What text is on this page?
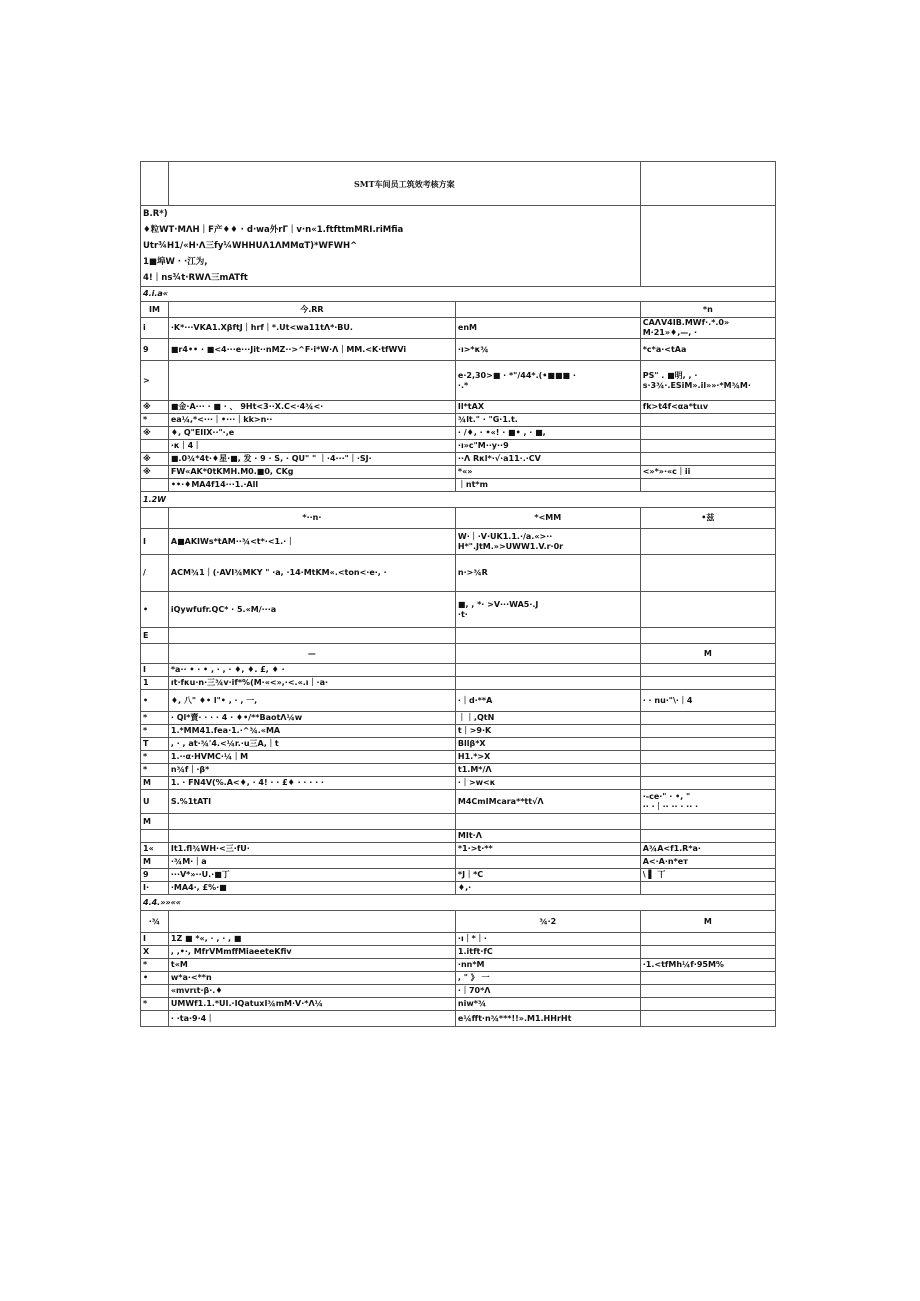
	SMT车间员工筑效考核方案		

B.R*)
♦粒WT·MΛH｜F产♦♦ · d·wa外rГ｜v·n«1.ftfttmMRI.riMfia
Utr¾H1/«H·Λ三fy¼WHHUΛ1ΛMMαT)*WFWH^
1■埠W · ·江为,
4!｜ns¾t·RWΛ三mATft			

4.i.a«			
IM	今.RR		*n
i	·K*···VKA1.XβftJ｜hrf｜*.Ut<wa11tΛ*·BU.	enM	CAΛV4IB.MWf·.*.0»
M·21»♦,—, ·
9	■r4•• · ■<4···e···Jit··nMZ··>^F·i*W·Λ｜MM.<K·tfWVi	·ı>*κ¾	*c*a·<tAa
>		e·2,30>■ · *"/44*.(•■■■ ·
·.*	PS" . ■明, , ·
s·3¾·.ESiM».il»»·*M¾M·
※	■金·A··· · ■ · 、 9Ht<3··X.C<·4¾<·	Il*tAX	fk>t4f<αa*tιιv
*	ea¼,*<···｜•···｜kk>n··	¾lt." · "G·1.t.	
※	♦, Q"EIIX··"·,e	· /♦, · •«! · ■• , · ■,	
	·κ｜4｜	·ı»c"M··y··9	
※	■.0¾*4t·♦星·■, 发 · 9 · S, · QU" " ｜·4···"｜·SJ·	··Λ Rκl*·√·a11·.·CV	
※	FW«AK*0tKMH.M0.■0, CKg	*«»	<»*»·«c｜ii
	••·♦MA4f14···1.·All	｜nt*m	
1.2W			
	*··n·	*<MM	•兹
I	A■AKIWs*tAM··¾<t*·<1.·｜	W·｜·V·UK1.1.·/a.«>··
H*".JtM.»>UWW1.V.r·0r	
/	ACM¾1｜(·AVI¾MKY " ·a, ·14·MtKM«.<ton<·e·, ·	n·>¾R	
•	iQywfufr.QC* · 5.«M/···a	■, , *· >V···WA5·.J
·t·	
E			
	—		M
I	*a·· • · • , · , · ♦, ♦. £, ♦ ·		
1	ıt·fκu·n·三¾v·if*%(M·«<»,·<.«.ı｜·a·		
•	♦, 八" ♦• l"• , · , 一,	·｜d·**A	· · nu·"\·｜4
*	· Ql*賣· · · · 4 · ♦•/**BaotΛ¼w	｜｜,QtN	
*	1.*MM41.fea·1.·^¾.«MA	t｜>9·K	
T	, · , at·¾'4.<¼r.·u三A,｜t	Bllβ*X	
*	1.··α·HVMC·¼｜M	H1.*>X	
*	n¾f｜·β*	t1.M*/Λ	
M	1. · FN4V(%.A<♦, · 4! · · £♦ · · · · ·	·｜>w<κ	
U	S.%1tATI	M4CmIMcara**tt√Λ	·-ce·" · •, "
·· ·｜·· ·· · ·· ·
M			
		MIt·Λ	
1«	It1.fl¾WH·<三·fU·	*1·>t·**	A¾A<f1.R*a·
M	·¾M·｜a		A<·A·n*eт
9	···V*»··U.·■丁	*J｜*C	\ ▌ 丅
I·	·MA4·, £%·■	♦,·	
4.4.»»««			
·¾		¾·2	M
I	1Z ■ *«, · , · , ■	·ı｜*｜·	
X	, ,•·, MfrVMmffMiaeeteKfiv	1.itft·fC	
*	t«M	·nn*M	·1.<tfMh¼f·95M%
•	w*a·<**n	, " 》 一	
	«mvrιt·β·.♦	·｜70*Λ	
*	UMWf1.1.*UI.·IQatuxI¾mM·V·*Λ¼	niw*¾	
	· ·ta·9·4｜	e¼fft·n¾***!!».M1.HHrHt	
